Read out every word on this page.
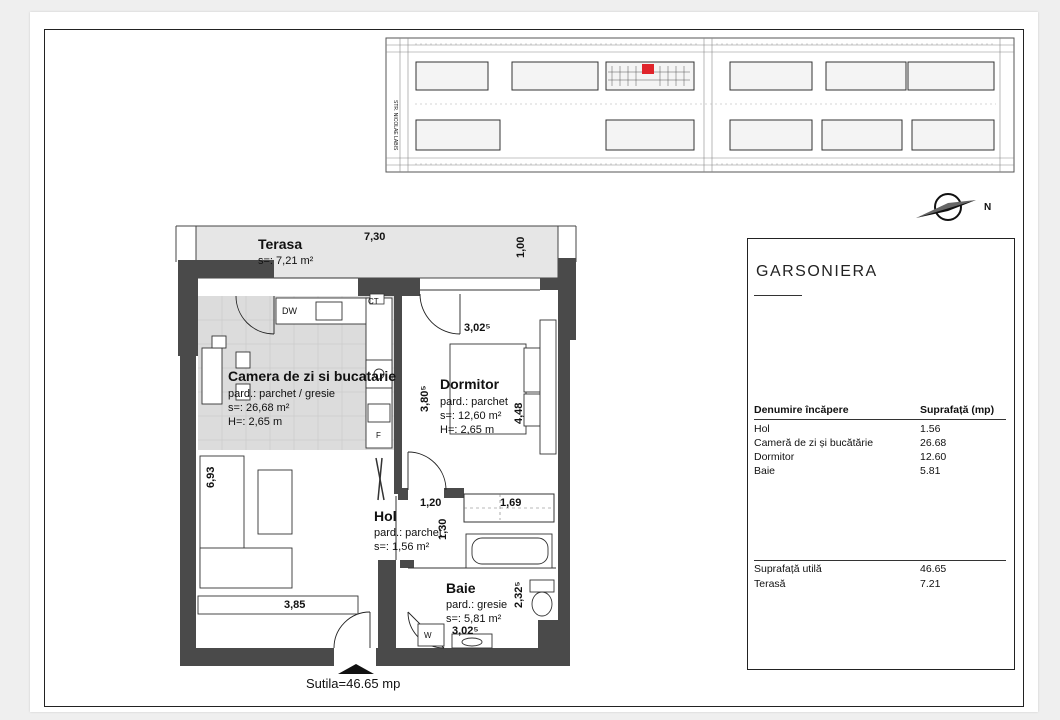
STR. NICOLAE LABIS
N
Terasa
s=: 7,21 m²
Camera de zi si bucatarie
pard.: parchet / gresie
s=: 26,68 m²
H=: 2,65 m
Dormitor
pard.: parchet
s=: 12,60 m²
H=: 2,65 m
Hol
pard.: parchet
s=: 1,56 m²
Baie
pard.: gresie
s=: 5,81 m²
DW
CT
F
W
7,30	1,00
3,02⁵
4,48
3,80⁵
6,93
3,85
1,20
1,30
1,69
2,32⁵
3,02⁵
Sutila=46.65 mp
GARSONIERA
Denumire încăpere	Suprafață (mp)
Hol	1.56
Cameră de zi și bucătărie	26.68
Dormitor	12.60
Baie	5.81
Suprafață utilă	46.65
Terasă	7.21
